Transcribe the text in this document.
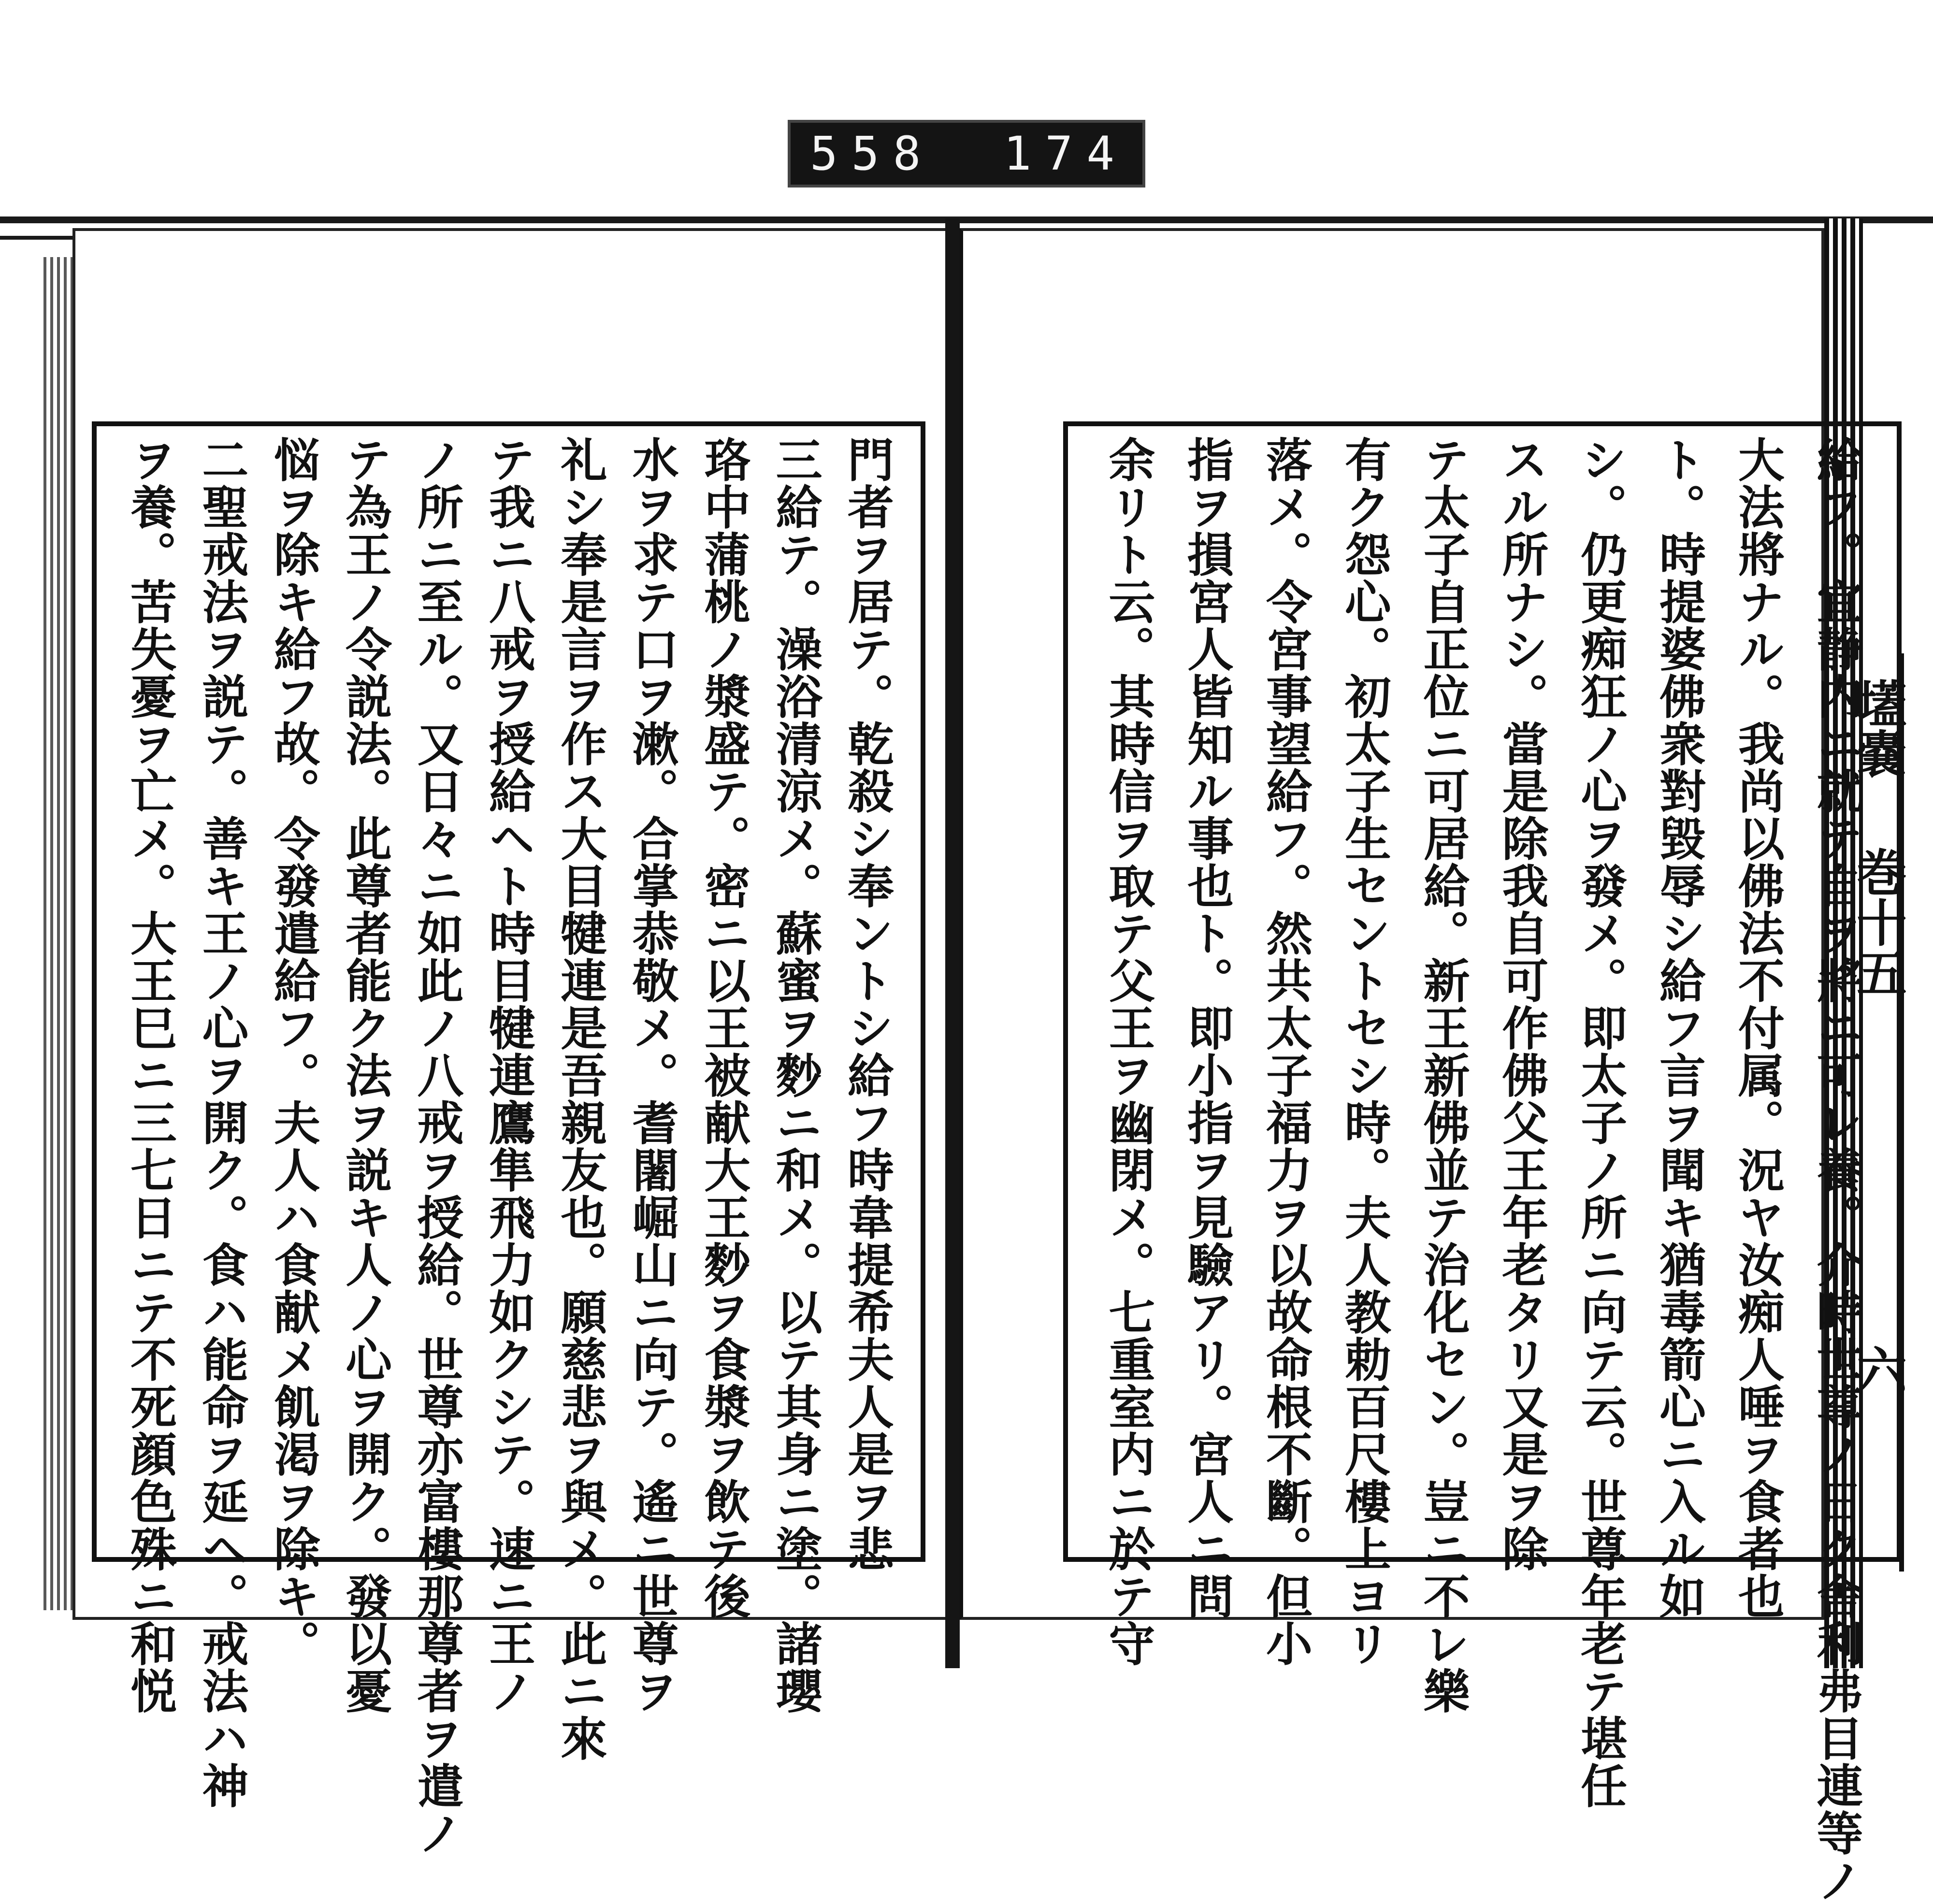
558 174
門者ヲ居テ。乾殺シ奉ントシ給フ時韋提希夫人是ヲ悲
三給テ。澡浴清涼メ。蘇蜜ヲ麨ニ和メ。以テ其身ニ塗。諸瓔
珞中蒲桃ノ漿盛テ。密ニ以王被献大王麨ヲ食漿ヲ飲テ後
水ヲ求テ口ヲ漱。合掌恭敬メ。耆闍崛山ニ向テ。遙ニ世尊ヲ
礼シ奉是言ヲ作ス大目犍連是吾親友也。願慈悲ヲ與メ。此ニ來
テ我ニ八戒ヲ授給ヘト時目犍連鷹隼飛力如クシテ。速ニ王ノ
ノ所ニ至ル。又日々ニ如此ノ八戒ヲ授給。世尊亦富樓那尊者ヲ遣ノ
テ為王ノ令説法。此尊者能ク法ヲ説キ人ノ心ヲ開ク。發以憂
悩ヲ除キ給フ故。令發遣給フ。夫人ハ食献メ飢渇ヲ除キ。
二聖戒法ヲ説テ。善キ王ノ心ヲ開ク。食ハ能命ヲ延ヘ。戒法ハ神
ヲ養。苦失憂ヲ亡メ。大王巳ニ三七日ニテ不死顔色殊ニ和悦	給フ。宜静内ニ就テ自ヲ將ニ可レ養。介時世尊ノ日ク舎利弗目連等ノ
大法將ナル。我尚以佛法不付属。況ヤ汝痴人唾ヲ食者也
ト。時提婆佛衆對毀辱シ給フ言ヲ聞キ猶毒箭心ニ入ル如
シ。仍更痴狂ノ心ヲ發メ。即太子ノ所ニ向テ云。世尊年老テ堪任
スル所ナシ。當是除我自可作佛父王年老タリ又是ヲ除
テ太子自正位ニ可居給。新王新佛並テ治化セン。豈ニ不レ樂
有ク怨心。初太子生セントセシ時。夫人教勅百尺樓上ヨリ
落メ。令宮事望給フ。然共太子福力ヲ以故命根不斷。但小
指ヲ損宮人皆知ル事也ト。即小指ヲ見驗アリ。宮人ニ問
余リト云。其時信ヲ取テ父王ヲ幽閉メ。七重室内ニ於テ守	壒嚢
巻十五
六
